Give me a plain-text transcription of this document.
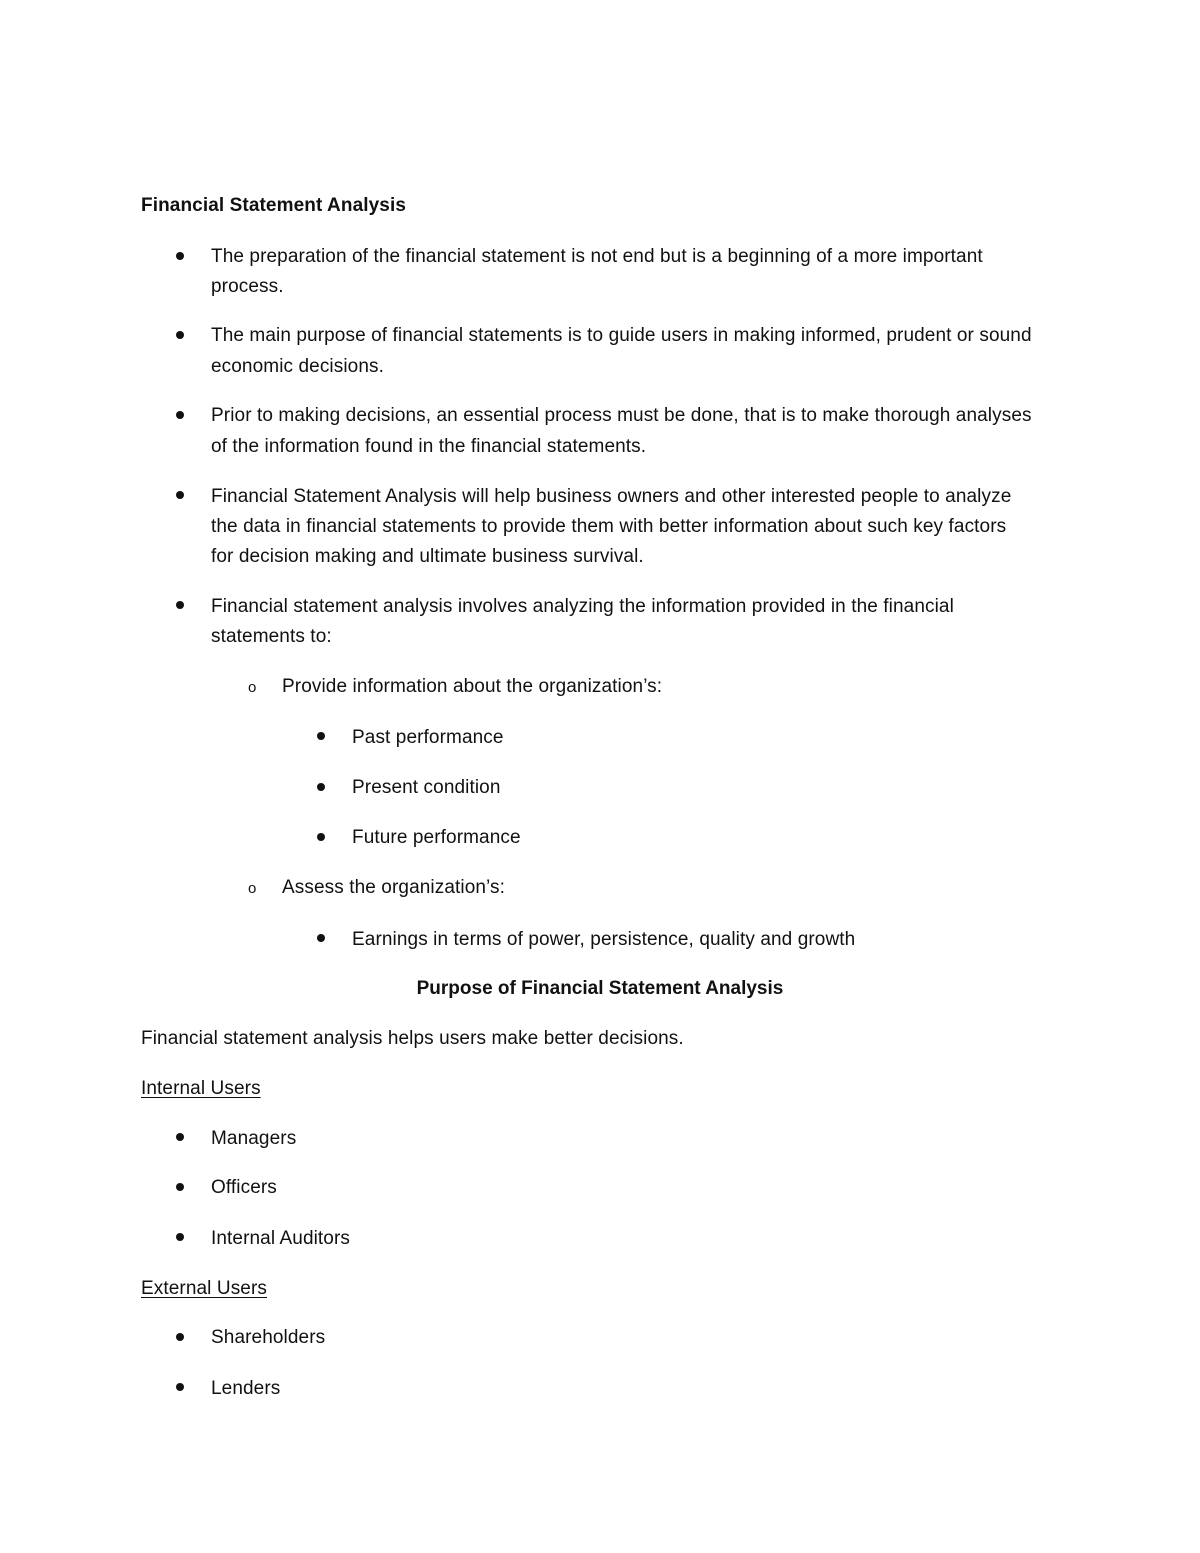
Financial Statement Analysis
The preparation of the financial statement is not end but is a beginning of a more important
process.
The main purpose of financial statements is to guide users in making informed, prudent or sound
economic decisions.
Prior to making decisions, an essential process must be done, that is to make thorough analyses
of the information found in the financial statements.
Financial Statement Analysis will help business owners and other interested people to analyze
the data in financial statements to provide them with better information about such key factors
for decision making and ultimate business survival.
Financial statement analysis involves analyzing the information provided in the financial
statements to:
o Provide information about the organization’s:
Past performance
Present condition
Future performance
o Assess the organization’s:
Earnings in terms of power, persistence, quality and growth
Purpose of Financial Statement Analysis
Financial statement analysis helps users make better decisions.
Internal Users
Managers
Officers
Internal Auditors
External Users
Shareholders
Lenders
